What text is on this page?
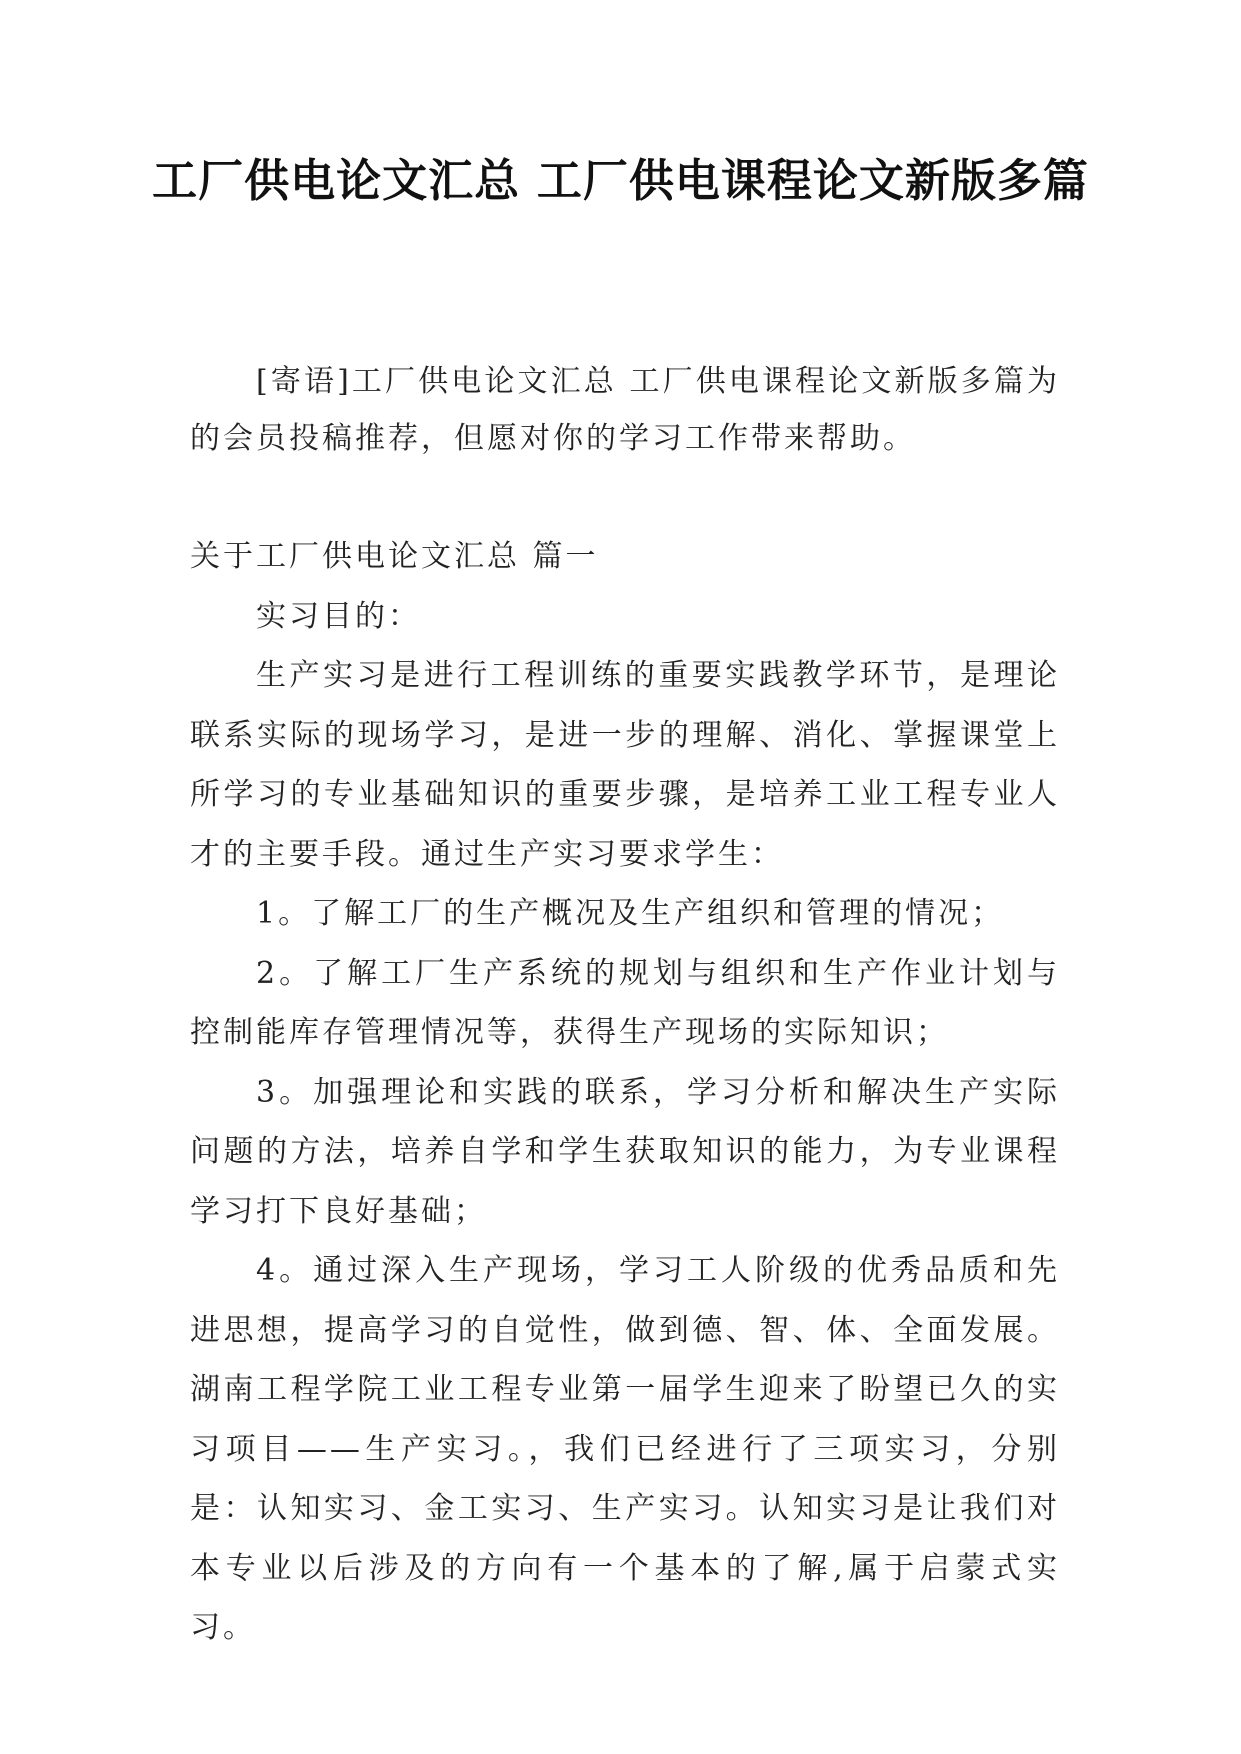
工厂供电论文汇总 工厂供电课程论文新版多篇

[寄语]工厂供电论文汇总 工厂供电课程论文新版多篇为的会员投稿推荐，但愿对你的学习工作带来帮助。

关于工厂供电论文汇总 篇一

实习目的：

生产实习是进行工程训练的重要实践教学环节，是理论联系实际的现场学习，是进一步的理解、消化、掌握课堂上所学习的专业基础知识的重要步骤，是培养工业工程专业人才的主要手段。通过生产实习要求学生：

1。了解工厂的生产概况及生产组织和管理的情况；

2。了解工厂生产系统的规划与组织和生产作业计划与控制能库存管理情况等，获得生产现场的实际知识；

3。加强理论和实践的联系，学习分析和解决生产实际问题的方法，培养自学和学生获取知识的能力，为专业课程学习打下良好基础；

4。通过深入生产现场，学习工人阶级的优秀品质和先进思想，提高学习的自觉性，做到德、智、体、全面发展。湖南工程学院工业工程专业第一届学生迎来了盼望已久的实习项目——生产实习。，我们已经进行了三项实习，分别是：认知实习、金工实习、生产实习。认知实习是让我们对本专业以后涉及的方向有一个基本的了解,属于启蒙式实习。
